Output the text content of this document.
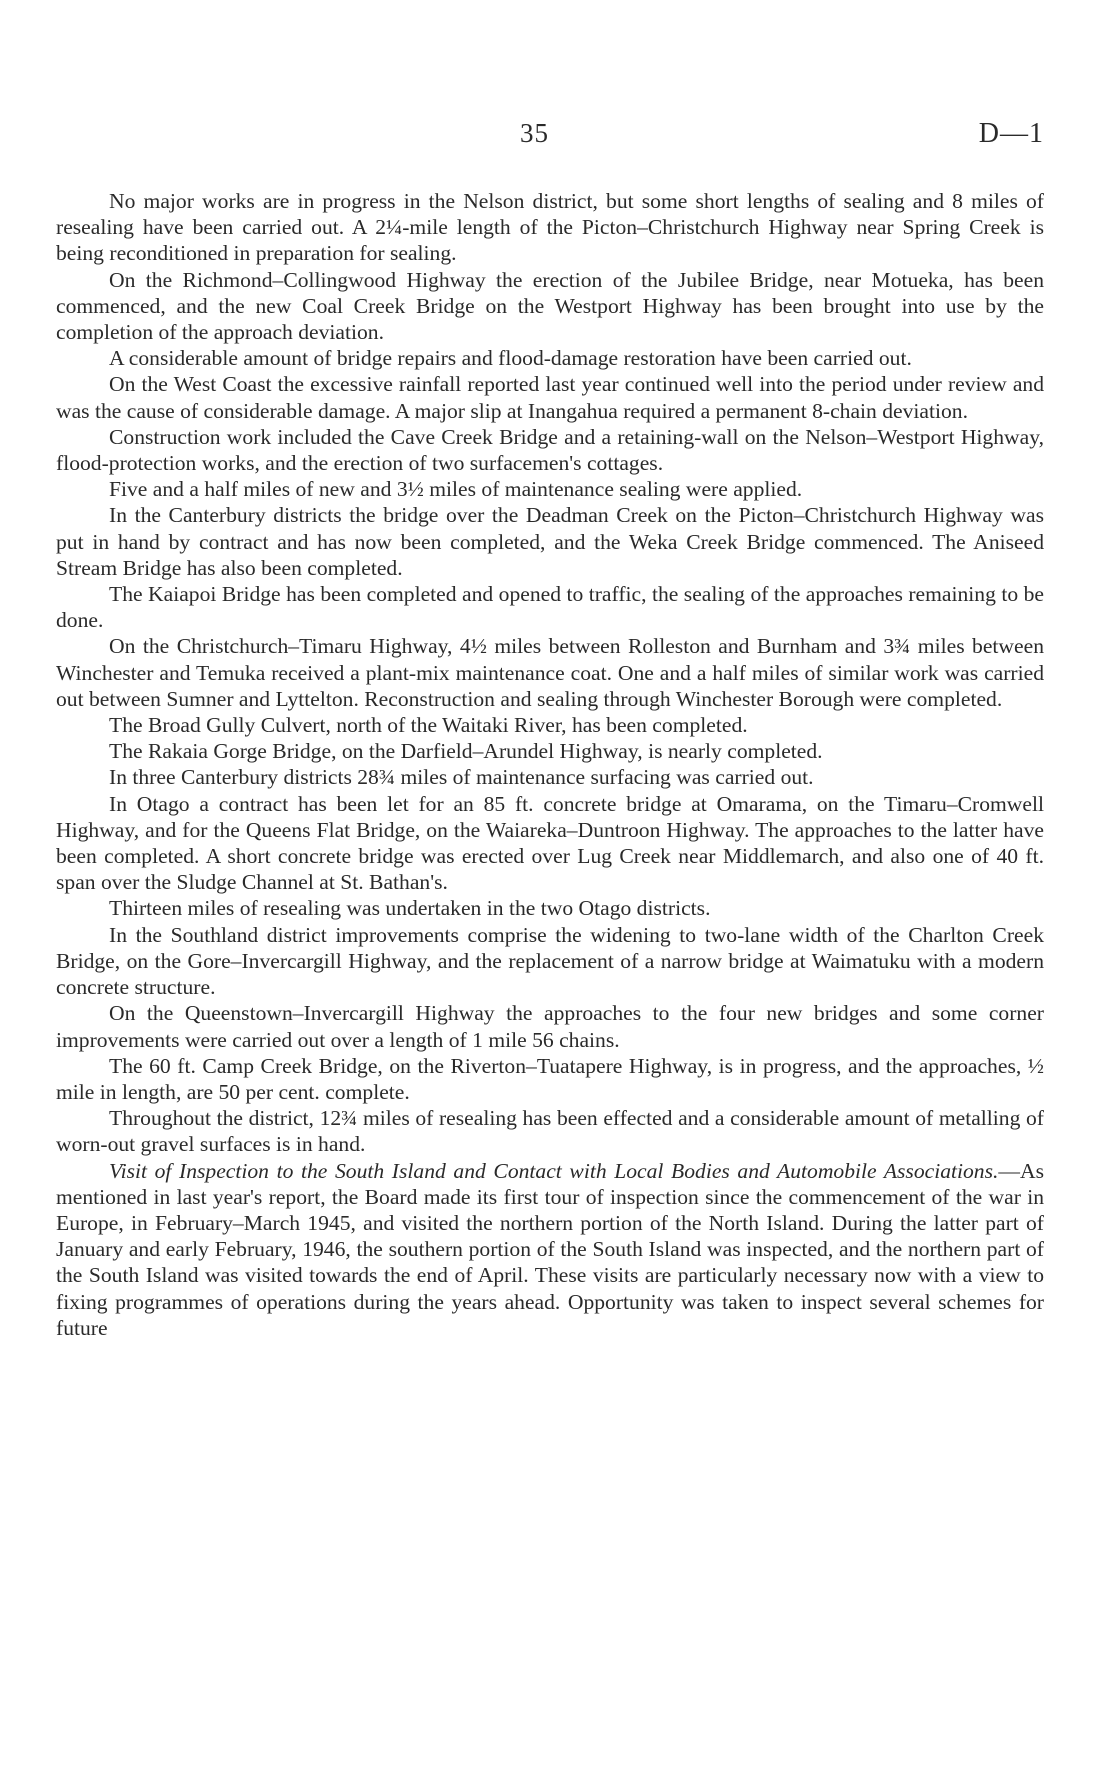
35	D—1

No major works are in progress in the Nelson district, but some short lengths of sealing and 8 miles of resealing have been carried out. A 2¼-mile length of the Picton–Christchurch Highway near Spring Creek is being reconditioned in preparation for sealing.

On the Richmond–Collingwood Highway the erection of the Jubilee Bridge, near Motueka, has been commenced, and the new Coal Creek Bridge on the Westport Highway has been brought into use by the completion of the approach deviation.

A considerable amount of bridge repairs and flood-damage restoration have been carried out.

On the West Coast the excessive rainfall reported last year continued well into the period under review and was the cause of considerable damage. A major slip at Inangahua required a permanent 8-chain deviation.

Construction work included the Cave Creek Bridge and a retaining-wall on the Nelson–Westport Highway, flood-protection works, and the erection of two surfacemen's cottages.

Five and a half miles of new and 3½ miles of maintenance sealing were applied.

In the Canterbury districts the bridge over the Deadman Creek on the Picton–Christchurch Highway was put in hand by contract and has now been completed, and the Weka Creek Bridge commenced. The Aniseed Stream Bridge has also been completed.

The Kaiapoi Bridge has been completed and opened to traffic, the sealing of the approaches remaining to be done.

On the Christchurch–Timaru Highway, 4½ miles between Rolleston and Burnham and 3¾ miles between Winchester and Temuka received a plant-mix maintenance coat. One and a half miles of similar work was carried out between Sumner and Lyttelton. Reconstruction and sealing through Winchester Borough were completed.

The Broad Gully Culvert, north of the Waitaki River, has been completed.

The Rakaia Gorge Bridge, on the Darfield–Arundel Highway, is nearly completed.

In three Canterbury districts 28¾ miles of maintenance surfacing was carried out.

In Otago a contract has been let for an 85 ft. concrete bridge at Omarama, on the Timaru–Cromwell Highway, and for the Queens Flat Bridge, on the Waiareka–Duntroon Highway. The approaches to the latter have been completed. A short concrete bridge was erected over Lug Creek near Middlemarch, and also one of 40 ft. span over the Sludge Channel at St. Bathan's.

Thirteen miles of resealing was undertaken in the two Otago districts.

In the Southland district improvements comprise the widening to two-lane width of the Charlton Creek Bridge, on the Gore–Invercargill Highway, and the replacement of a narrow bridge at Waimatuku with a modern concrete structure.

On the Queenstown–Invercargill Highway the approaches to the four new bridges and some corner improvements were carried out over a length of 1 mile 56 chains.

The 60 ft. Camp Creek Bridge, on the Riverton–Tuatapere Highway, is in progress, and the approaches, ½ mile in length, are 50 per cent. complete.

Throughout the district, 12¾ miles of resealing has been effected and a considerable amount of metalling of worn-out gravel surfaces is in hand.

Visit of Inspection to the South Island and Contact with Local Bodies and Automobile Associations.—As mentioned in last year's report, the Board made its first tour of inspection since the commencement of the war in Europe, in February–March 1945, and visited the northern portion of the North Island. During the latter part of January and early February, 1946, the southern portion of the South Island was inspected, and the northern part of the South Island was visited towards the end of April. These visits are particularly necessary now with a view to fixing programmes of operations during the years ahead. Opportunity was taken to inspect several schemes for future
